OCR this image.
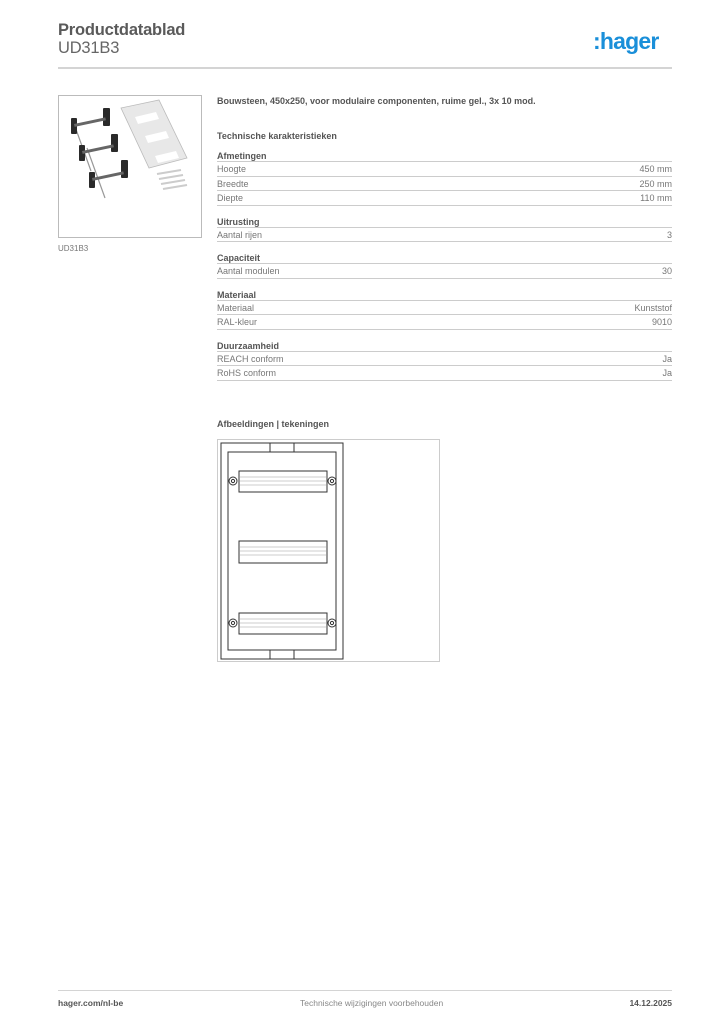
Productdatablad
UD31B3	:hager
UD31B3
Bouwsteen, 450x250, voor modulaire componenten, ruime gel., 3x 10 mod.
Technische karakteristieken
Afmetingen
Hoogte	450 mm
Breedte	250 mm
Diepte	110 mm
Uitrusting
Aantal rijen	3
Capaciteit
Aantal modulen	30
Materiaal
Materiaal	Kunststof
RAL-kleur	9010
Duurzaamheid
REACH conform	Ja
RoHS conform	Ja
Afbeeldingen | tekeningen
hager.com/nl-be	Technische wijzigingen voorbehouden	14.12.2025
